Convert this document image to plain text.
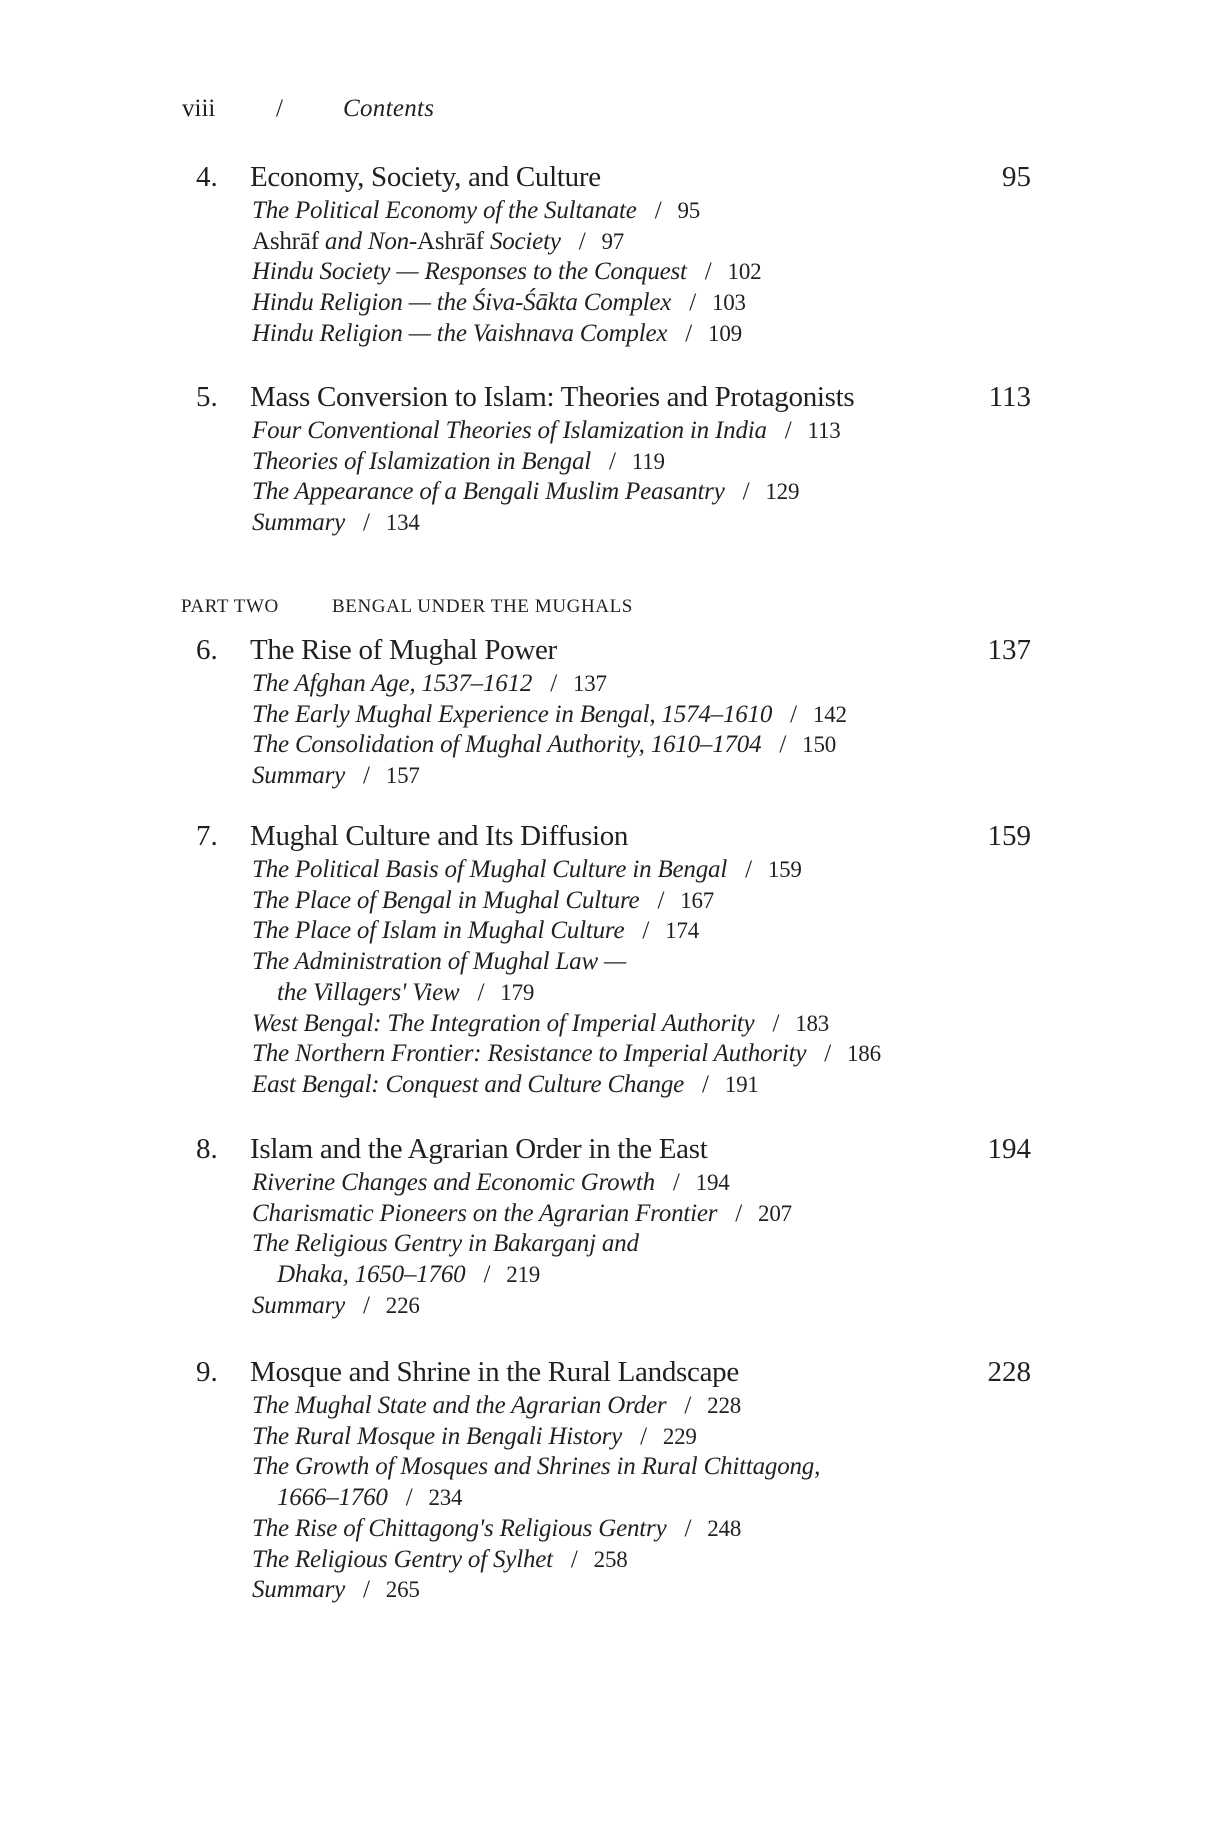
viii / Contents
4. Economy, Society, and Culture	95
The Political Economy of the Sultanate / 95
Ashrāf and Non-Ashrāf Society / 97
Hindu Society — Responses to the Conquest / 102
Hindu Religion — the Śiva-Śākta Complex / 103
Hindu Religion — the Vaishnava Complex / 109
5. Mass Conversion to Islam: Theories and Protagonists	113
Four Conventional Theories of Islamization in India / 113
Theories of Islamization in Bengal / 119
The Appearance of a Bengali Muslim Peasantry / 129
Summary / 134
PART TWO	BENGAL UNDER THE MUGHALS
6. The Rise of Mughal Power	137
The Afghan Age, 1537–1612 / 137
The Early Mughal Experience in Bengal, 1574–1610 / 142
The Consolidation of Mughal Authority, 1610–1704 / 150
Summary / 157
7. Mughal Culture and Its Diffusion	159
The Political Basis of Mughal Culture in Bengal / 159
The Place of Bengal in Mughal Culture / 167
The Place of Islam in Mughal Culture / 174
The Administration of Mughal Law —
the Villagers' View / 179
West Bengal: The Integration of Imperial Authority / 183
The Northern Frontier: Resistance to Imperial Authority / 186
East Bengal: Conquest and Culture Change / 191
8. Islam and the Agrarian Order in the East	194
Riverine Changes and Economic Growth / 194
Charismatic Pioneers on the Agrarian Frontier / 207
The Religious Gentry in Bakarganj and
Dhaka, 1650–1760 / 219
Summary / 226
9. Mosque and Shrine in the Rural Landscape	228
The Mughal State and the Agrarian Order / 228
The Rural Mosque in Bengali History / 229
The Growth of Mosques and Shrines in Rural Chittagong,
1666–1760 / 234
The Rise of Chittagong's Religious Gentry / 248
The Religious Gentry of Sylhet / 258
Summary / 265
